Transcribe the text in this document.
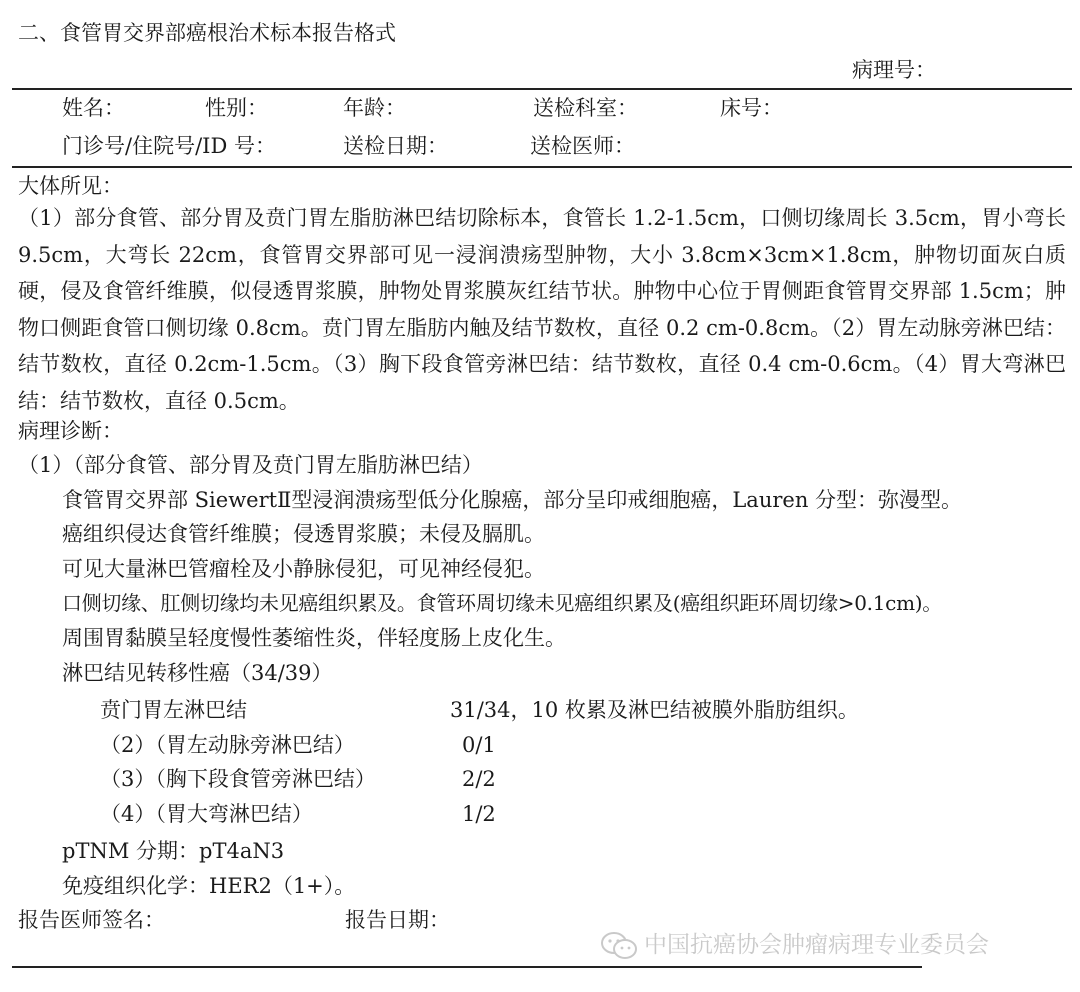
二、食管胃交界部癌根治术标本报告格式
病理号：
姓名：	性别：	年龄：	送检科室：	床号：
门诊号/住院号/ID 号：	送检日期：	送检医师：
大体所见：
（1）部分食管、部分胃及贲门胃左脂肪淋巴结切除标本，食管长 1.2-1.5cm，口侧切缘周长 3.5cm，胃小弯长 9.5cm，大弯长 22cm，食管胃交界部可见一浸润溃疡型肿物，大小 3.8cm×3cm×1.8cm，肿物切面灰白质硬，侵及食管纤维膜，似侵透胃浆膜，肿物处胃浆膜灰红结节状。肿物中心位于胃侧距食管胃交界部 1.5cm；肿物口侧距食管口侧切缘 0.8cm。贲门胃左脂肪内触及结节数枚，直径 0.2 cm-0.8cm。（2）胃左动脉旁淋巴结：结节数枚，直径 0.2cm-1.5cm。（3）胸下段食管旁淋巴结：结节数枚，直径 0.4 cm-0.6cm。（4）胃大弯淋巴结：结节数枚，直径 0.5cm。
病理诊断：
（1）（部分食管、部分胃及贲门胃左脂肪淋巴结）
食管胃交界部 SiewertⅡ型浸润溃疡型低分化腺癌，部分呈印戒细胞癌，Lauren 分型：弥漫型。
癌组织侵达食管纤维膜；侵透胃浆膜；未侵及膈肌。
可见大量淋巴管瘤栓及小静脉侵犯，可见神经侵犯。
口侧切缘、肛侧切缘均未见癌组织累及。食管环周切缘未见癌组织累及(癌组织距环周切缘>0.1cm)。
周围胃黏膜呈轻度慢性萎缩性炎，伴轻度肠上皮化生。
淋巴结见转移性癌（34/39）
贲门胃左淋巴结	31/34，10 枚累及淋巴结被膜外脂肪组织。
（2）（胃左动脉旁淋巴结）	0/1
（3）（胸下段食管旁淋巴结）	2/2
（4）（胃大弯淋巴结）	1/2
pTNM 分期：pT4aN3
免疫组织化学：HER2（1+）。
报告医师签名：	报告日期：
中国抗癌协会肿瘤病理专业委员会
